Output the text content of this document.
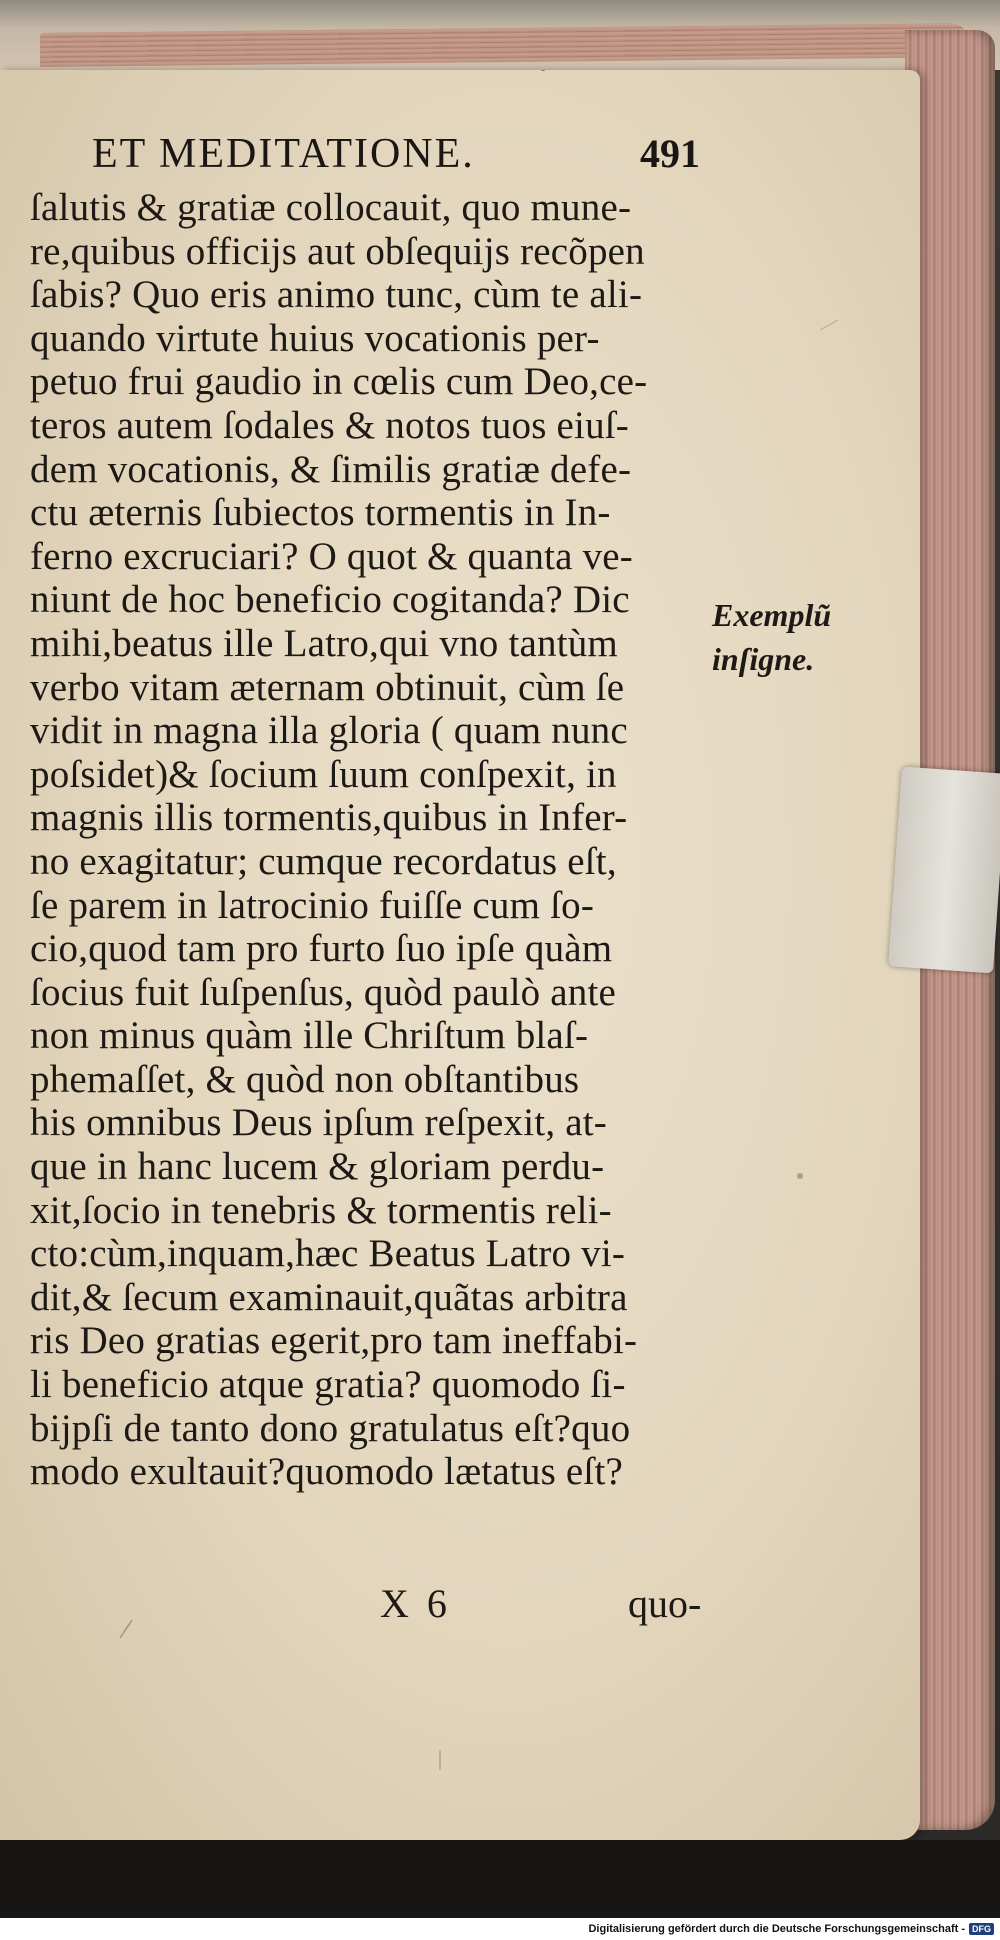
ET MEDITATIONE.	491
ſalutis & gratiæ collocauit, quo mune-
re,quibus officijs aut obſequijs recõpen
ſabis? Quo eris animo tunc, cùm te ali-
quando virtute huius vocationis per-
petuo frui gaudio in cœlis cum Deo,ce-
teros autem ſodales & notos tuos eiuſ-
dem vocationis, & ſimilis gratiæ defe-
ctu æternis ſubiectos tormentis in In-
ferno excruciari? O quot & quanta ve-
niunt de hoc beneficio cogitanda? Dic
mihi,beatus ille Latro,qui vno tantùm
verbo vitam æternam obtinuit, cùm ſe
vidit in magna illa gloria ( quam nunc
poſsidet)& ſocium ſuum conſpexit, in
magnis illis tormentis,quibus in Infer-
no exagitatur; cumque recordatus eſt,
ſe parem in latrocinio fuiſſe cum ſo-
cio,quod tam pro furto ſuo ipſe quàm
ſocius fuit ſuſpenſus, quòd paulò ante
non minus quàm ille Chriſtum blaſ-
phemaſſet, & quòd non obſtantibus
his omnibus Deus ipſum reſpexit, at-
que in hanc lucem & gloriam perdu-
xit,ſocio in tenebris & tormentis reli-
cto:cùm,inquam,hæc Beatus Latro vi-
dit,& ſecum examinauit,quãtas arbitra
ris Deo gratias egerit,pro tam ineffabi-
li beneficio atque gratia? quomodo ſi-
bijpſi de tanto dono gratulatus eſt?quo
modo exultauit?quomodo lætatus eſt?
Exemplũ
inſigne.
X 6	quo-
Digitalisierung gefördert durch die Deutsche Forschungsgemeinschaft - DFG
